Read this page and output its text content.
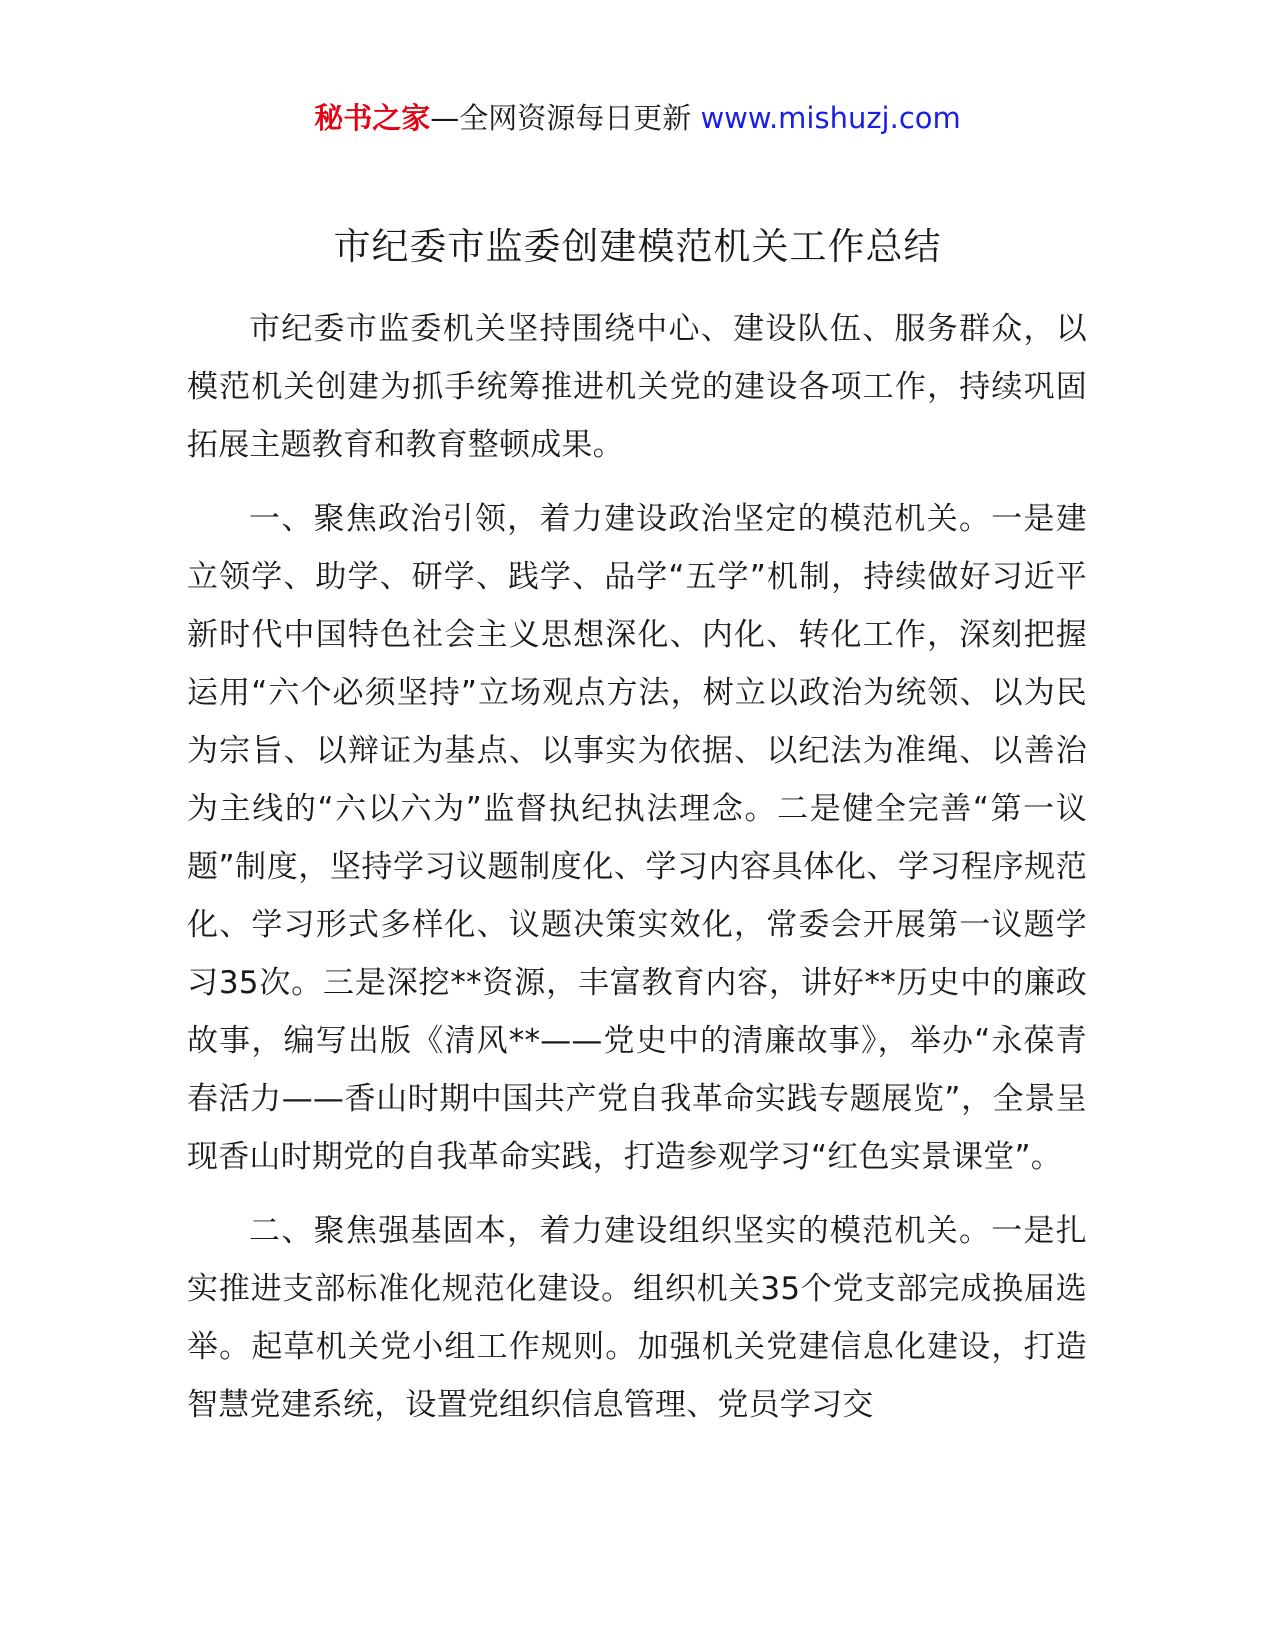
秘书之家—全网资源每日更新 www.mishuzj.com
市纪委市监委创建模范机关工作总结

市纪委市监委机关坚持围绕中心、建设队伍、服务群众，以模范机关创建为抓手统筹推进机关党的建设各项工作，持续巩固拓展主题教育和教育整顿成果。

一、聚焦政治引领，着力建设政治坚定的模范机关。一是建立领学、助学、研学、践学、品学“五学”机制，持续做好习近平新时代中国特色社会主义思想深化、内化、转化工作，深刻把握运用“六个必须坚持”立场观点方法，树立以政治为统领、以为民为宗旨、以辩证为基点、以事实为依据、以纪法为准绳、以善治为主线的“六以六为”监督执纪执法理念。二是健全完善“第一议题”制度，坚持学习议题制度化、学习内容具体化、学习程序规范化、学习形式多样化、议题决策实效化，常委会开展第一议题学习35次。三是深挖**资源，丰富教育内容，讲好**历史中的廉政故事，编写出版《清风**——党史中的清廉故事》，举办“永葆青春活力——香山时期中国共产党自我革命实践专题展览”，全景呈现香山时期党的自我革命实践，打造参观学习“红色实景课堂”。

二、聚焦强基固本，着力建设组织坚实的模范机关。一是扎实推进支部标准化规范化建设。组织机关35个党支部完成换届选举。起草机关党小组工作规则。加强机关党建信息化建设，打造智慧党建系统，设置党组织信息管理、党员学习交
